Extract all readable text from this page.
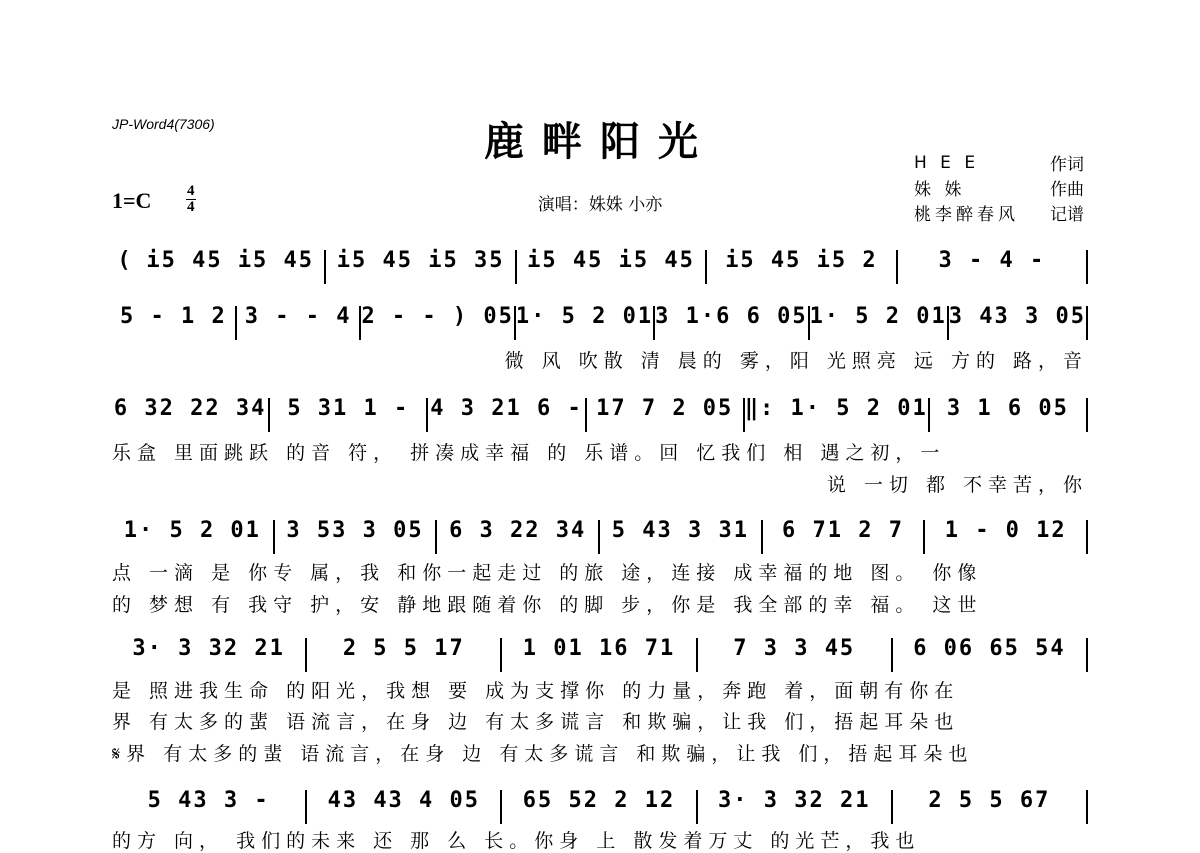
JP-Word4(7306)	鹿畔阳光
1=C 4
4	演唱：姝姝 小亦
H E E	作词
姝 姝	作曲
桃李醉春风 记谱
( i5 45 i5 45	i5 45 i5 35	i5 45 i5 45	i5 45 i5 2	3 - 4 -
5 - 1 2 3 - - 4 2 - - ) 05 1· 5 2 01 3 1·6 6 05 1· 5 2 01 3 43 3 05
微 风 吹散 清 晨的 雾，阳 光照亮 远 方的 路，音
6 32 22 34 5 31 1 - 4 3 21 6 - 17 7 2 05 ‖: 1· 5 2 01 3 1 6 05
乐盒 里面跳跃 的音 符， 拼凑成幸福 的 乐谱。回 忆我们 相 遇之初，一
说 一切 都 不幸苦，你
1· 5 2 01	3 53 3 05	6 3 22 34	5 43 3 31	6 71 2 7	1 - 0 12
点 一滴 是 你专 属，我 和你一起走过 的旅 途，连接 成幸福的地 图。 你像
的 梦想 有 我守 护，安 静地跟随着你 的脚 步，你是 我全部的幸 福。 这世
3· 3 32 21	2 5 5 17	1 01 16 71	7 3 3 45	6 06 65 54
是 照进我生命 的阳光，我想 要 成为支撑你 的力量，奔跑 着，面朝有你在
界 有太多的蜚 语流言，在身 边 有太多谎言 和欺骗，让我 们，捂起耳朵也
𝄋界 有太多的蜚 语流言，在身 边 有太多谎言 和欺骗，让我 们，捂起耳朵也
5 43 3 -	43 43 4 05	65 52 2 12	3· 3 32 21	2 5 5 67
的方 向， 我们的未来 还 那 么 长。你身 上 散发着万丈 的光芒，我也
